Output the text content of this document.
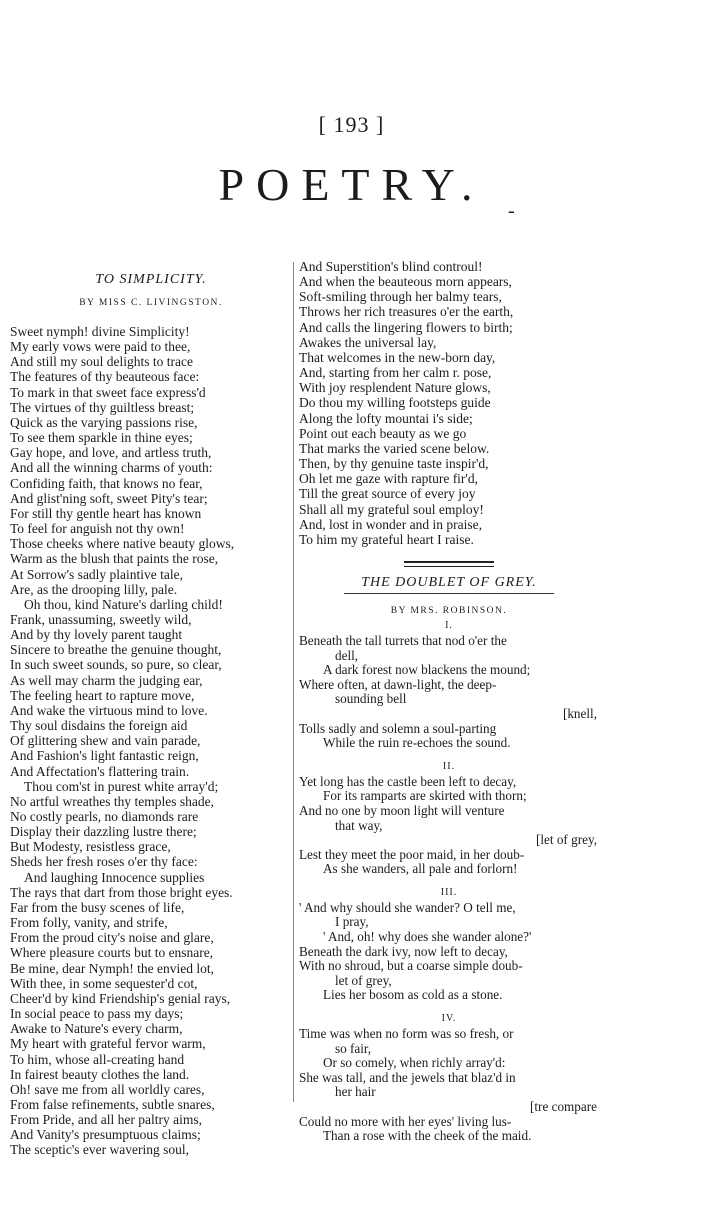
[ 193 ]
POETRY.
-
TO SIMPLICITY.
BY MISS C. LIVINGSTON.
Sweet nymph! divine Simplicity!
My early vows were paid to thee,
And still my soul delights to trace
The features of thy beauteous face:
To mark in that sweet face express'd
The virtues of thy guiltless breast;
Quick as the varying passions rise,
To see them sparkle in thine eyes;
Gay hope, and love, and artless truth,
And all the winning charms of youth:
Confiding faith, that knows no fear,
And glist'ning soft, sweet Pity's tear;
For still thy gentle heart has known
To feel for anguish not thy own!
Those cheeks where native beauty glows,
Warm as the blush that paints the rose,
At Sorrow's sadly plaintive tale,
Are, as the drooping lilly, pale.
Oh thou, kind Nature's darling child!
Frank, unassuming, sweetly wild,
And by thy lovely parent taught
Sincere to breathe the genuine thought,
In such sweet sounds, so pure, so clear,
As well may charm the judging ear,
The feeling heart to rapture move,
And wake the virtuous mind to love.
Thy soul disdains the foreign aid
Of glittering shew and vain parade,
And Fashion's light fantastic reign,
And Affectation's flattering train.
Thou com'st in purest white array'd;
No artful wreathes thy temples shade,
No costly pearls, no diamonds rare
Display their dazzling lustre there;
But Modesty, resistless grace,
Sheds her fresh roses o'er thy face:
And laughing Innocence supplies
The rays that dart from those bright eyes.
Far from the busy scenes of life,
From folly, vanity, and strife,
From the proud city's noise and glare,
Where pleasure courts but to ensnare,
Be mine, dear Nymph! the envied lot,
With thee, in some sequester'd cot,
Cheer'd by kind Friendship's genial rays,
In social peace to pass my days;
Awake to Nature's every charm,
My heart with grateful fervor warm,
To him, whose all-creating hand
In fairest beauty clothes the land.
Oh! save me from all worldly cares,
From false refinements, subtle snares,
From Pride, and all her paltry aims,
And Vanity's presumptuous claims;
The sceptic's ever wavering soul,
And Superstition's blind controul!
And when the beauteous morn appears,
Soft-smiling through her balmy tears,
Throws her rich treasures o'er the earth,
And calls the lingering flowers to birth;
Awakes the universal lay,
That welcomes in the new-born day,
And, starting from her calm r. pose,
With joy resplendent Nature glows,
Do thou my willing footsteps guide
Along the lofty mountai i's side;
Point out each beauty as we go
That marks the varied scene below.
Then, by thy genuine taste inspir'd,
Oh let me gaze with rapture fir'd,
Till the great source of every joy
Shall all my grateful soul employ!
And, lost in wonder and in praise,
To him my grateful heart I raise.
THE DOUBLET OF GREY.
BY MRS. ROBINSON.
I.
Beneath the tall turrets that nod o'er the
dell,
A dark forest now blackens the mound;
Where often, at dawn-light, the deep-
sounding bell
[knell,
Tolls sadly and solemn a soul-parting
While the ruin re-echoes the sound.
II.
Yet long has the castle been left to decay,
For its ramparts are skirted with thorn;
And no one by moon light will venture
that way,
[let of grey,
Lest they meet the poor maid, in her doub-
As she wanders, all pale and forlorn!
III.
' And why should she wander? O tell me,
I pray,
' And, oh! why does she wander alone?'
Beneath the dark ivy, now left to decay,
With no shroud, but a coarse simple doub-
let of grey,
Lies her bosom as cold as a stone.
IV.
Time was when no form was so fresh, or
so fair,
Or so comely, when richly array'd:
She was tall, and the jewels that blaz'd in
her hair
[tre compare
Could no more with her eyes' living lus-
Than a rose with the cheek of the maid.
